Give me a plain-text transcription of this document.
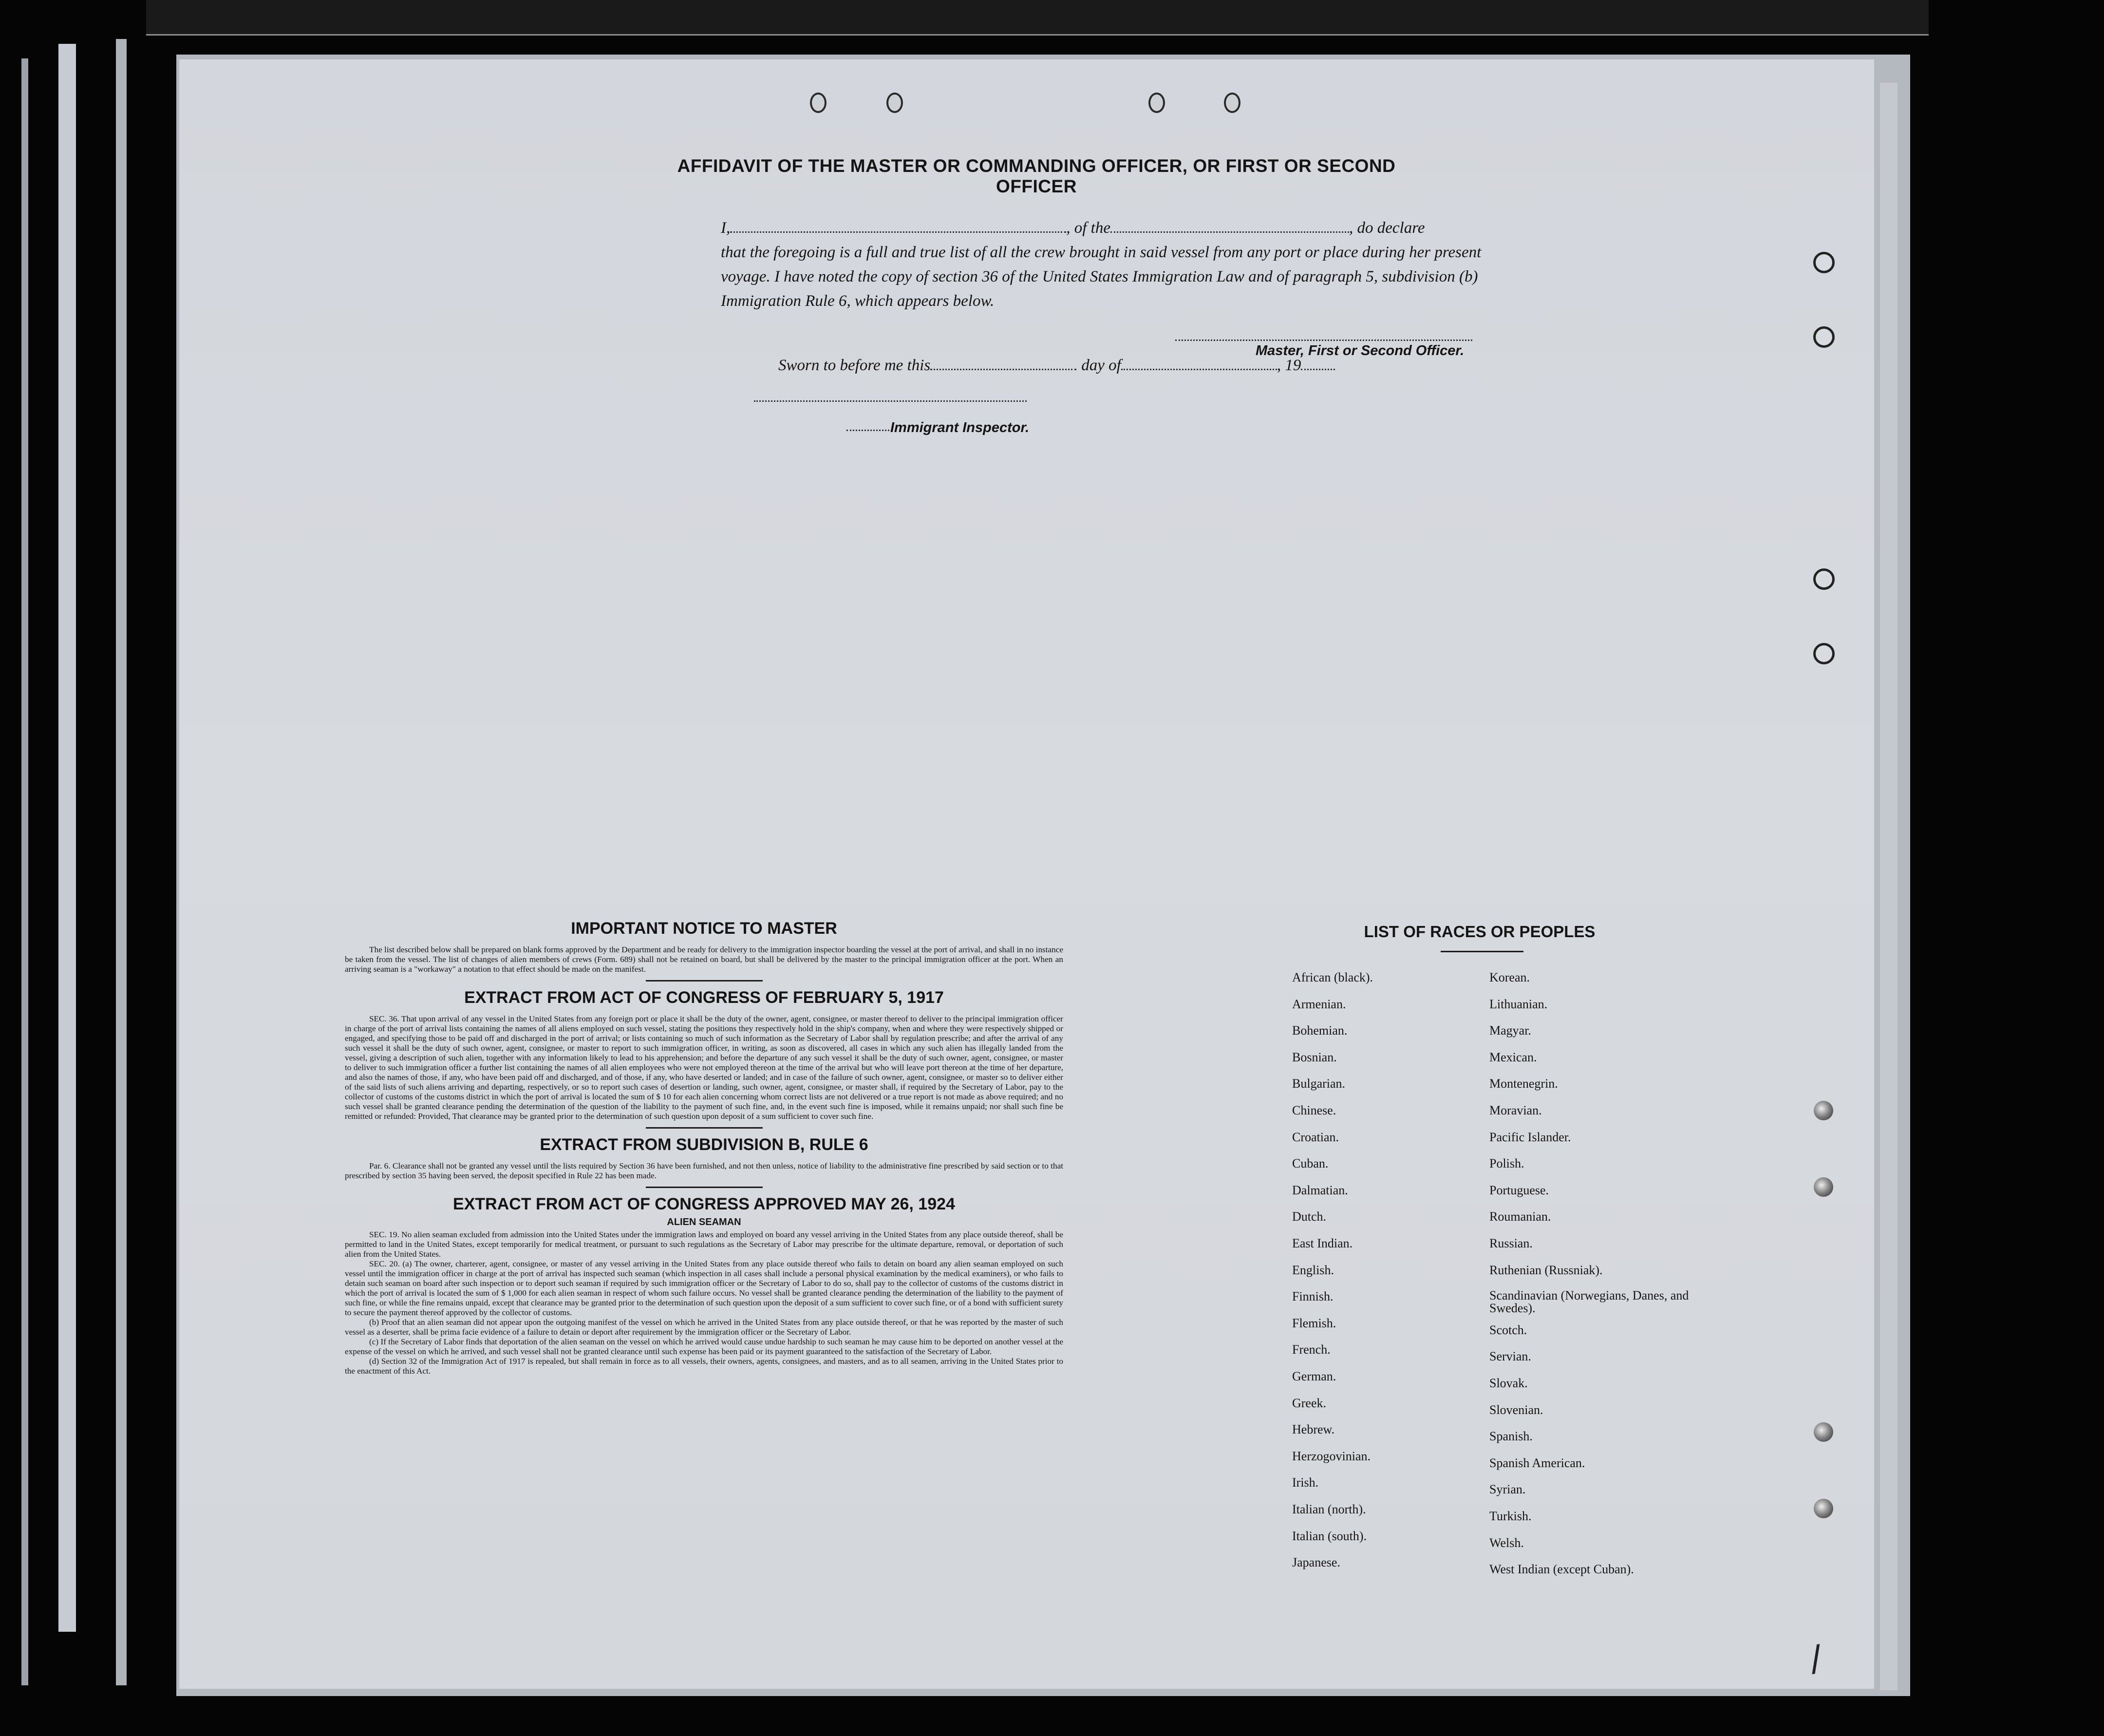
AFFIDAVIT OF THE MASTER OR COMMANDING OFFICER, OR FIRST OR SECOND OFFICER
I,	, of the	, do declare
that the foregoing is a full and true list of all the crew brought in said vessel from any port or place during her present
voyage. I have noted the copy of section 36 of the United States Immigration Law and of paragraph 5, subdivision (b)
Immigration Rule 6, which appears below.
Master, First or Second Officer.
Sworn to before me this	day of	, 19
Immigrant Inspector.
IMPORTANT NOTICE TO MASTER

The list described below shall be prepared on blank forms approved by the Department and be ready for delivery to the immigration inspector boarding the vessel at the port of arrival, and shall in no instance be taken from the vessel. The list of changes of alien members of crews (Form. 689) shall not be retained on board, but shall be delivered by the master to the principal immigration officer at the port. When an arriving seaman is a "workaway" a notation to that effect should be made on the manifest.

EXTRACT FROM ACT OF CONGRESS OF FEBRUARY 5, 1917

SEC. 36. That upon arrival of any vessel in the United States from any foreign port or place it shall be the duty of the owner, agent, consignee, or master thereof to deliver to the principal immigration officer in charge of the port of arrival lists containing the names of all aliens employed on such vessel, stating the positions they respectively hold in the ship's company, when and where they were respectively shipped or engaged, and specifying those to be paid off and discharged in the port of arrival; or lists containing so much of such information as the Secretary of Labor shall by regulation prescribe; and after the arrival of any such vessel it shall be the duty of such owner, agent, consignee, or master to report to such immigration officer, in writing, as soon as discovered, all cases in which any such alien has illegally landed from the vessel, giving a description of such alien, together with any information likely to lead to his apprehension; and before the departure of any such vessel it shall be the duty of such owner, agent, consignee, or master to deliver to such immigration officer a further list containing the names of all alien employees who were not employed thereon at the time of the arrival but who will leave port thereon at the time of her departure, and also the names of those, if any, who have been paid off and discharged, and of those, if any, who have deserted or landed; and in case of the failure of such owner, agent, consignee, or master so to deliver either of the said lists of such aliens arriving and departing, respectively, or so to report such cases of desertion or landing, such owner, agent, consignee, or master shall, if required by the Secretary of Labor, pay to the collector of customs of the customs district in which the port of arrival is located the sum of $ 10 for each alien concerning whom correct lists are not delivered or a true report is not made as above required; and no such vessel shall be granted clearance pending the determination of the question of the liability to the payment of such fine, and, in the event such fine is imposed, while it remains unpaid; nor shall such fine be remitted or refunded: Provided, That clearance may be granted prior to the determination of such question upon deposit of a sum sufficient to cover such fine.

EXTRACT FROM SUBDIVISION B, RULE 6

Par. 6. Clearance shall not be granted any vessel until the lists required by Section 36 have been furnished, and not then unless, notice of liability to the administrative fine prescribed by said section or to that prescribed by section 35 having been served, the deposit specified in Rule 22 has been made.

EXTRACT FROM ACT OF CONGRESS APPROVED MAY 26, 1924
ALIEN SEAMAN

SEC. 19. No alien seaman excluded from admission into the United States under the immigration laws and employed on board any vessel arriving in the United States from any place outside thereof, shall be permitted to land in the United States, except temporarily for medical treatment, or pursuant to such regulations as the Secretary of Labor may prescribe for the ultimate departure, removal, or deportation of such alien from the United States.

SEC. 20. (a) The owner, charterer, agent, consignee, or master of any vessel arriving in the United States from any place outside thereof who fails to detain on board any alien seaman employed on such vessel until the immigration officer in charge at the port of arrival has inspected such seaman (which inspection in all cases shall include a personal physical examination by the medical examiners), or who fails to detain such seaman on board after such inspection or to deport such seaman if required by such immigration officer or the Secretary of Labor to do so, shall pay to the collector of customs of the customs district in which the port of arrival is located the sum of $ 1,000 for each alien seaman in respect of whom such failure occurs. No vessel shall be granted clearance pending the determination of the liability to the payment of such fine, or while the fine remains unpaid, except that clearance may be granted prior to the determination of such question upon the deposit of a sum sufficient to cover such fine, or of a bond with sufficient surety to secure the payment thereof approved by the collector of customs.

(b) Proof that an alien seaman did not appear upon the outgoing manifest of the vessel on which he arrived in the United States from any place outside thereof, or that he was reported by the master of such vessel as a deserter, shall be prima facie evidence of a failure to detain or deport after requirement by the immigration officer or the Secretary of Labor.

(c) If the Secretary of Labor finds that deportation of the alien seaman on the vessel on which he arrived would cause undue hardship to such seaman he may cause him to be deported on another vessel at the expense of the vessel on which he arrived, and such vessel shall not be granted clearance until such expense has been paid or its payment guaranteed to the satisfaction of the Secretary of Labor.

(d) Section 32 of the Immigration Act of 1917 is repealed, but shall remain in force as to all vessels, their owners, agents, consignees, and masters, and as to all seamen, arriving in the United States prior to the enactment of this Act.

LIST OF RACES OR PEOPLES
African (black).
Armenian.
Bohemian.
Bosnian.
Bulgarian.
Chinese.
Croatian.
Cuban.
Dalmatian.
Dutch.
East Indian.
English.
Finnish.
Flemish.
French.
German.
Greek.
Hebrew.
Herzogovinian.
Irish.
Italian (north).
Italian (south).
Japanese.
Korean.
Lithuanian.
Magyar.
Mexican.
Montenegrin.
Moravian.
Pacific Islander.
Polish.
Portuguese.
Roumanian.
Russian.
Ruthenian (Russniak).
Scandinavian (Norwegians, Danes, and Swedes).
Scotch.
Servian.
Slovak.
Slovenian.
Spanish.
Spanish American.
Syrian.
Turkish.
Welsh.
West Indian (except Cuban).
/
